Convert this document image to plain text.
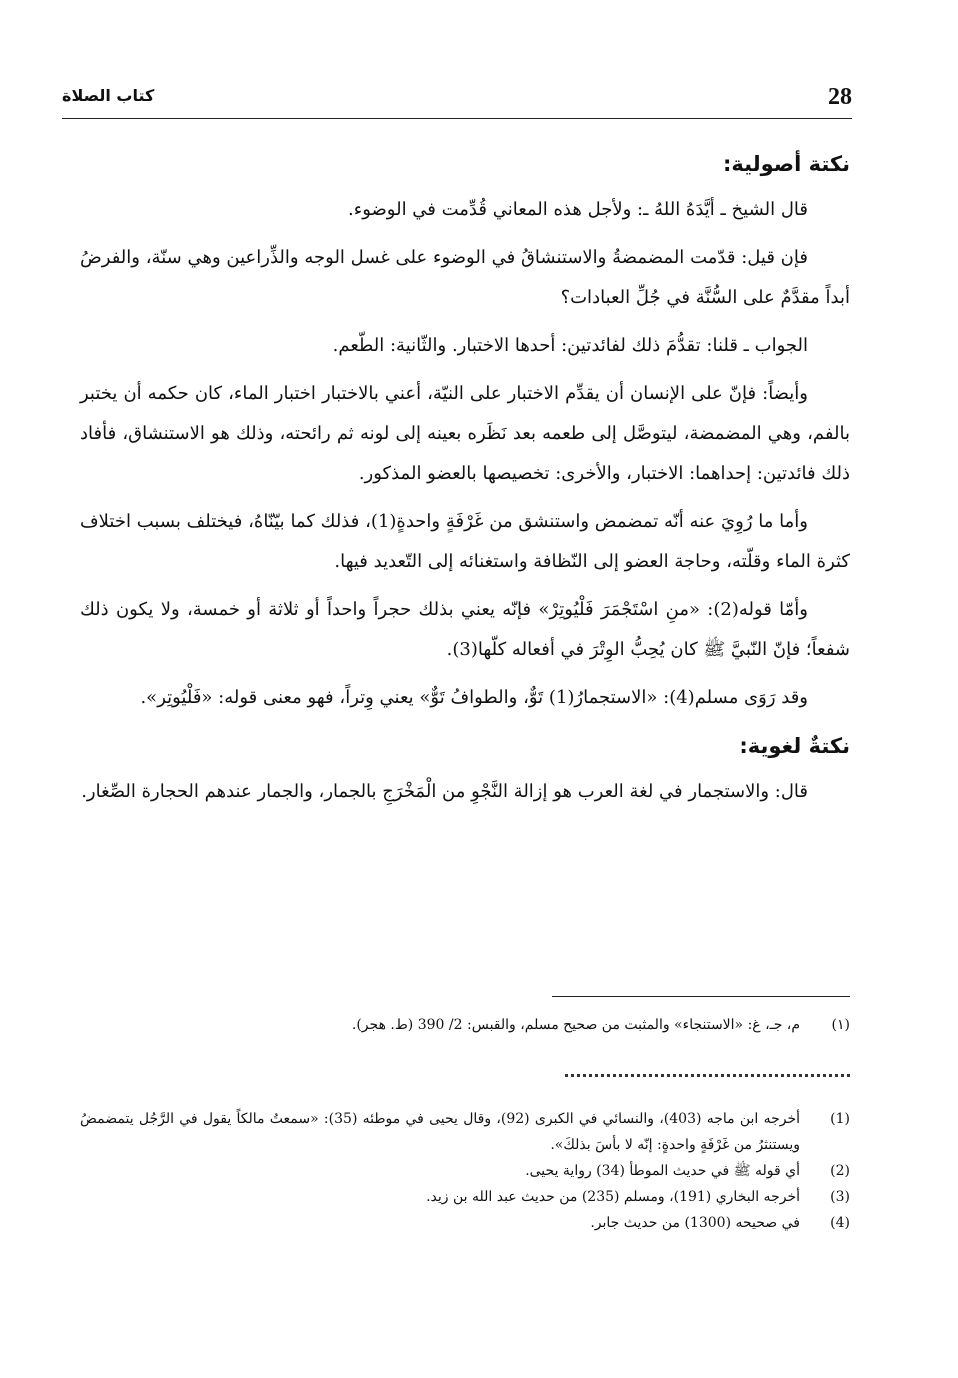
28
كتاب الصلاة
نكتة أصولية:

قال الشيخ ـ أيَّدَهُ اللهُ ـ: ولأجل هذه المعاني قُدِّمت في الوضوء.

فإن قيل: قدّمت المضمضةُ والاستنشاقُ في الوضوء على غسل الوجه والذِّراعين وهي سنّة، والفرضُ أبداً مقدَّمٌ على السُّنَّة في جُلِّ العبادات؟

الجواب ـ قلنا: تقدُّمَ ذلك لفائدتين: أحدها الاختبار. والثّانية: الطّعم.

وأيضاً: فإنّ على الإنسان أن يقدِّم الاختبار على النيّة، أعني بالاختبار اختبار الماء، كان حكمه أن يختبر بالفم، وهي المضمضة، ليتوصَّل إلى طعمه بعد نَظَره بعينه إلى لونه ثم رائحته، وذلك هو الاستنشاق، فأفاد ذلك فائدتين: إحداهما: الاختبار، والأخرى: تخصيصها بالعضو المذكور.

وأما ما رُوِيَ عنه أنّه تمضمض واستنشق من غَرْفَةٍ واحدةٍ(1)، فذلك كما بيّنّاهُ، فيختلف بسبب اختلاف كثرة الماء وقلّته، وحاجة العضو إلى النّظافة واستغنائه إلى التّعديد فيها.

وأمّا قوله(2): «منِ اسْتَجْمَرَ فَلْيُوتِرْ» فإنّه يعني بذلك حجراً واحداً أو ثلاثة أو خمسة، ولا يكون ذلك شفعاً؛ فإنّ النّبيَّ ﷺ كان يُحِبُّ الوِتْرَ في أفعاله كلّها(3).

وقد رَوَى مسلم(4): «الاستجمارُ(1) تَوٌّ، والطوافُ تَوٌّ» يعني وِتراً، فهو معنى قوله: «فَلْيُوتِر».

نكتةٌ لغوية:

قال: والاستجمار في لغة العرب هو إزالة النَّجْوِ من الْمَخْرَجِ بالجمار، والجمار عندهم الحجارة الصِّغار.

(١)
م، جـ، غ: «الاستنجاء» والمثبت من صحيح مسلم، والقبس: 2/ 390 (ط. هجر).
(1)
أخرجه ابن ماجه (403)، والنسائي في الكبرى (92)، وقال يحيى في موطئه (35): «سمعتُ مالكاً يقول في الرَّجُل يتمضمضُ ويستنثرُ من غَرْفَةٍ واحدةٍ: إنّه لا بأسَ بذلكَ».
(2)
أي قوله ﷺ في حديث الموطأ (34) رواية يحيى.
(3)
أخرجه البخاري (191)، ومسلم (235) من حديث عبد الله بن زيد.
(4)
في صحيحه (1300) من حديث جابر.
